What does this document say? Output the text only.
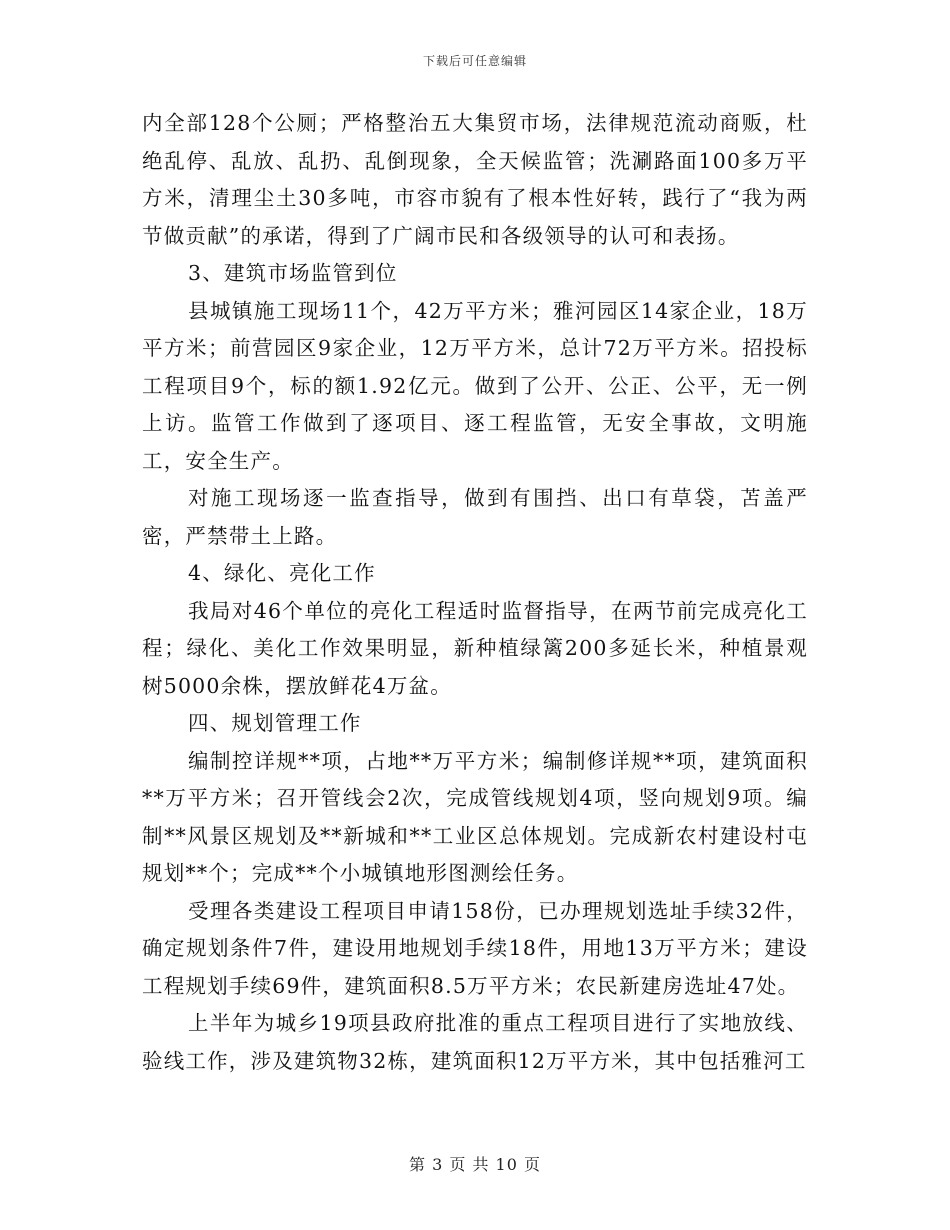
下载后可任意编辑

内全部128个公厕；严格整治五大集贸市场，法律规范流动商贩，杜绝乱停、乱放、乱扔、乱倒现象，全天候监管；洗涮路面100多万平方米，清理尘土30多吨，市容市貌有了根本性好转，践行了“我为两节做贡献”的承诺，得到了广阔市民和各级领导的认可和表扬。

3、建筑市场监管到位

县城镇施工现场11个，42万平方米；雅河园区14家企业，18万平方米；前营园区9家企业，12万平方米，总计72万平方米。招投标工程项目9个，标的额1.92亿元。做到了公开、公正、公平，无一例上访。监管工作做到了逐项目、逐工程监管，无安全事故，文明施工，安全生产。

对施工现场逐一监查指导，做到有围挡、出口有草袋，苫盖严密，严禁带土上路。

4、绿化、亮化工作

我局对46个单位的亮化工程适时监督指导，在两节前完成亮化工程；绿化、美化工作效果明显，新种植绿篱200多延长米，种植景观树5000余株，摆放鲜花4万盆。

四、规划管理工作

编制控详规**项，占地**万平方米；编制修详规**项，建筑面积**万平方米；召开管线会2次，完成管线规划4项，竖向规划9项。编制**风景区规划及**新城和**工业区总体规划。完成新农村建设村屯规划**个；完成**个小城镇地形图测绘任务。

受理各类建设工程项目申请158份，已办理规划选址手续32件，确定规划条件7件，建设用地规划手续18件，用地13万平方米；建设工程规划手续69件，建筑面积8.5万平方米；农民新建房选址47处。

上半年为城乡19项县政府批准的重点工程项目进行了实地放线、验线工作，涉及建筑物32栋，建筑面积12万平方米，其中包括雅河工

第 3 页 共 10 页
